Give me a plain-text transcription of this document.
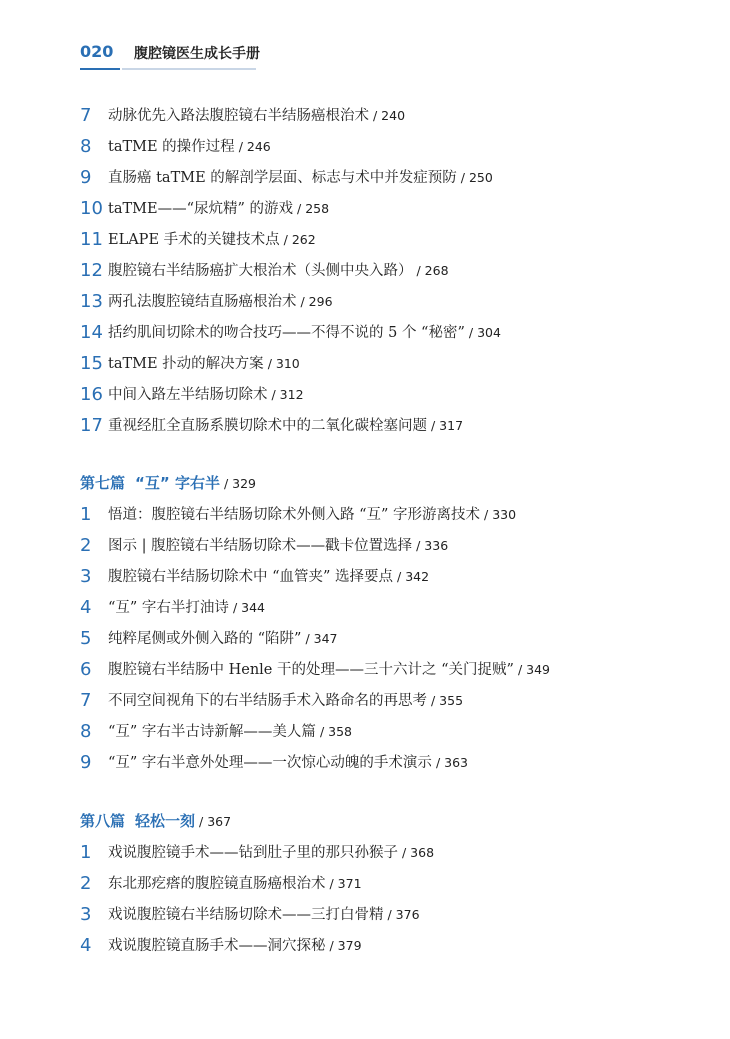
020 腹腔镜医生成长手册
7 动脉优先入路法腹腔镜右半结肠癌根治术 / 240
8 taTME 的操作过程 / 246
9 直肠癌 taTME 的解剖学层面、标志与术中并发症预防 / 250
10 taTME——“尿炕精” 的游戏 / 258
11 ELAPE 手术的关键技术点 / 262
12 腹腔镜右半结肠癌扩大根治术（头侧中央入路） / 268
13 两孔法腹腔镜结直肠癌根治术 / 296
14 括约肌间切除术的吻合技巧——不得不说的 5 个 “秘密” / 304
15 taTME 扑动的解决方案 / 310
16 中间入路左半结肠切除术 / 312
17 重视经肛全直肠系膜切除术中的二氧化碳栓塞问题 / 317
第七篇 “互” 字右半 / 329
1 悟道：腹腔镜右半结肠切除术外侧入路 “互” 字形游离技术 / 330
2 图示 | 腹腔镜右半结肠切除术——戳卡位置选择 / 336
3 腹腔镜右半结肠切除术中 “血管夹” 选择要点 / 342
4 “互” 字右半打油诗 / 344
5 纯粹尾侧或外侧入路的 “陷阱” / 347
6 腹腔镜右半结肠中 Henle 干的处理——三十六计之 “关门捉贼” / 349
7 不同空间视角下的右半结肠手术入路命名的再思考 / 355
8 “互” 字右半古诗新解——美人篇 / 358
9 “互” 字右半意外处理——一次惊心动魄的手术演示 / 363
第八篇 轻松一刻 / 367
1 戏说腹腔镜手术——钻到肚子里的那只孙猴子 / 368
2 东北那疙瘩的腹腔镜直肠癌根治术 / 371
3 戏说腹腔镜右半结肠切除术——三打白骨精 / 376
4 戏说腹腔镜直肠手术——洞穴探秘 / 379
